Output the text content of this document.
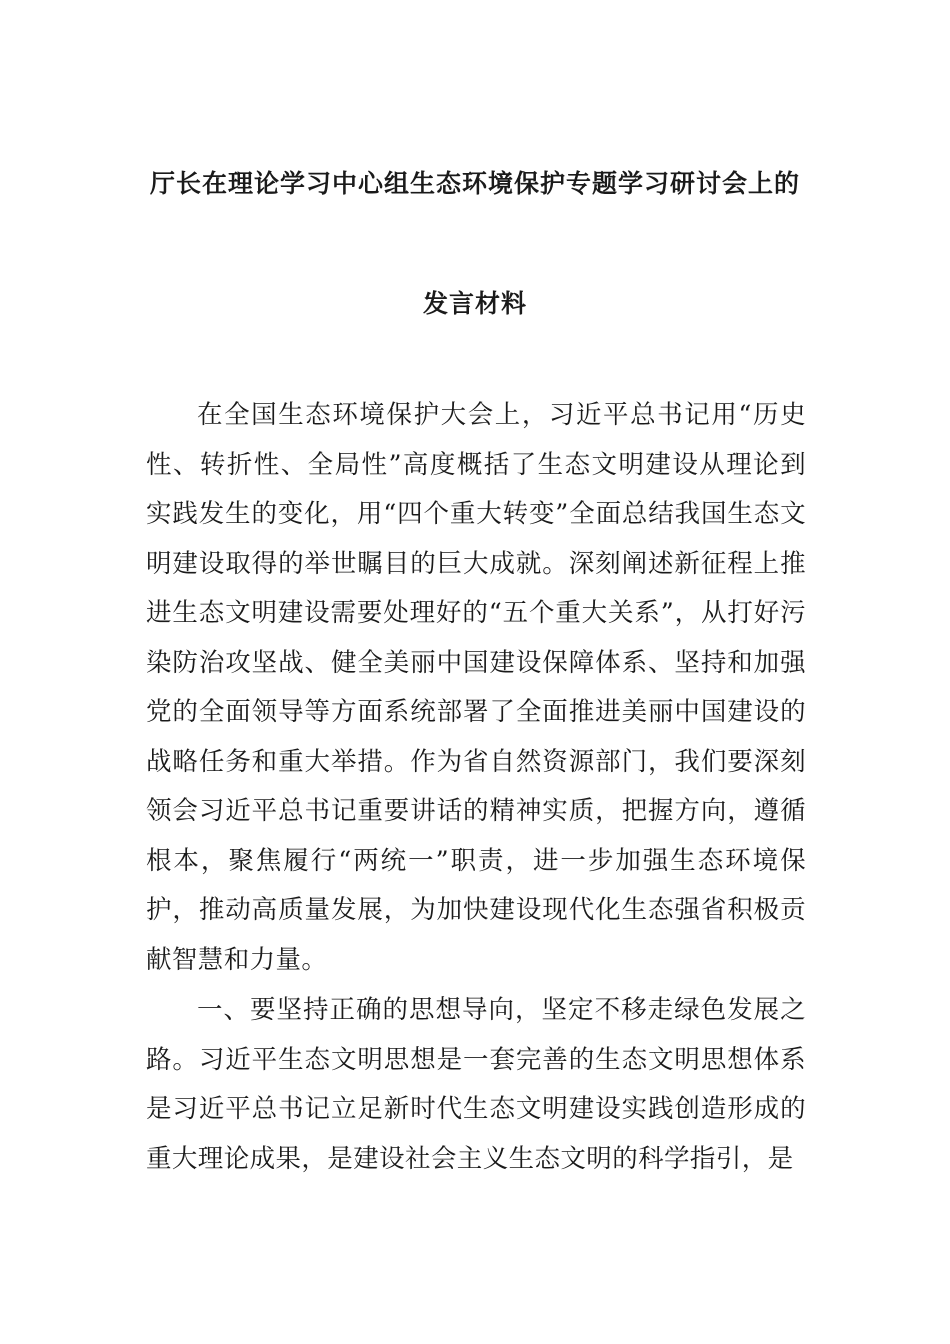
厅长在理论学习中心组生态环境保护专题学习研讨会上的
发言材料

在全国生态环境保护大会上，习近平总书记用“历史性、转折性、全局性”高度概括了生态文明建设从理论到实践发生的变化，用“四个重大转变”全面总结我国生态文明建设取得的举世瞩目的巨大成就。深刻阐述新征程上推进生态文明建设需要处理好的“五个重大关系”，从打好污染防治攻坚战、健全美丽中国建设保障体系、坚持和加强党的全面领导等方面系统部署了全面推进美丽中国建设的战略任务和重大举措。作为省自然资源部门，我们要深刻领会习近平总书记重要讲话的精神实质，把握方向，遵循根本，聚焦履行“两统一”职责，进一步加强生态环境保护，推动高质量发展，为加快建设现代化生态强省积极贡献智慧和力量。

一、要坚持正确的思想导向，坚定不移走绿色发展之路。习近平生态文明思想是一套完善的生态文明思想体系是习近平总书记立足新时代生态文明建设实践创造形成的重大理论成果，是建设社会主义生态文明的科学指引，是
